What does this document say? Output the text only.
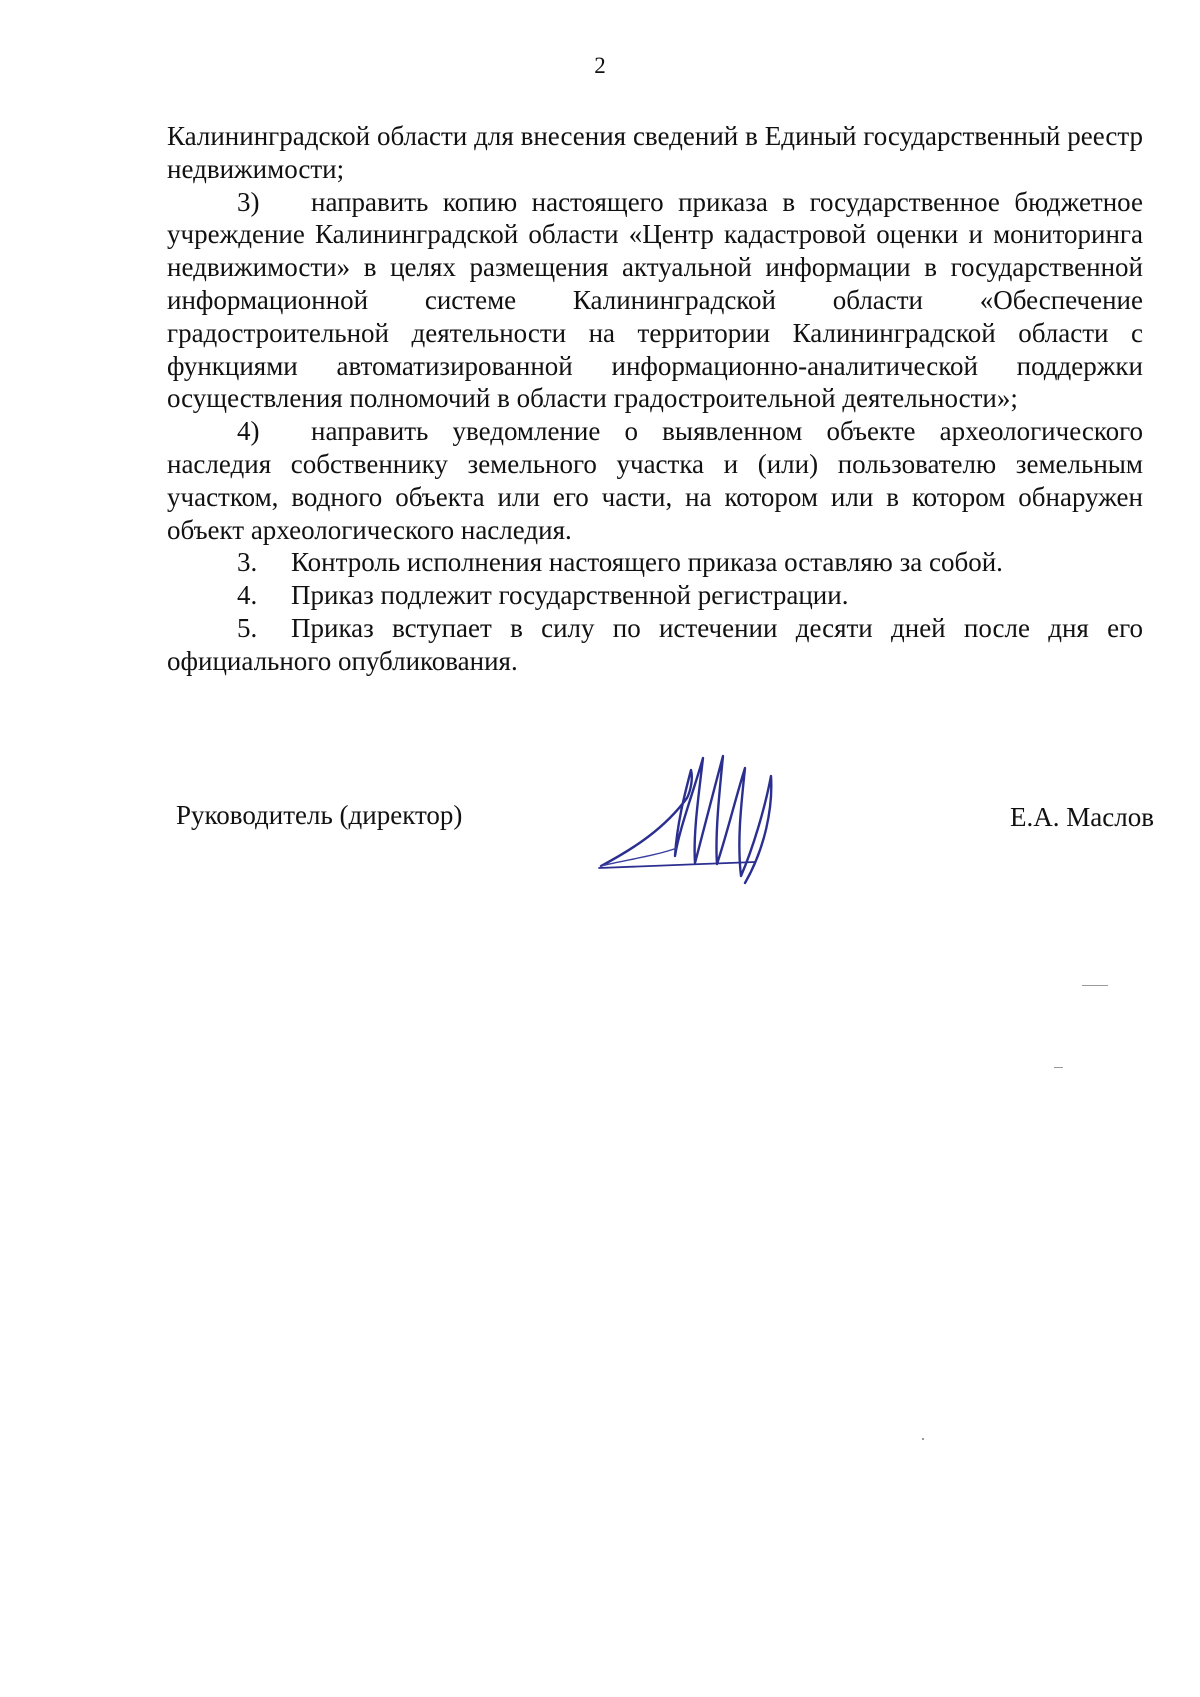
2

Калининградской области для внесения сведений в Единый государственный реестр недвижимости;

3) направить копию настоящего приказа в государственное бюджетное учреждение Калининградской области «Центр кадастровой оценки и мониторинга недвижимости» в целях размещения актуальной информации в государственной информационной системе Калининградской области «Обеспечение градостроительной деятельности на территории Калининградской области с функциями автоматизированной информационно-аналитической поддержки осуществления полномочий в области градостроительной деятельности»;

4) направить уведомление о выявленном объекте археологического наследия собственнику земельного участка и (или) пользователю земельным участком, водного объекта или его части, на котором или в котором обнаружен объект археологического наследия.

3. Контроль исполнения настоящего приказа оставляю за собой.

4. Приказ подлежит государственной регистрации.

5. Приказ вступает в силу по истечении десяти дней после дня его официального опубликования.

Руководитель (директор)	Е.А. Маслов
